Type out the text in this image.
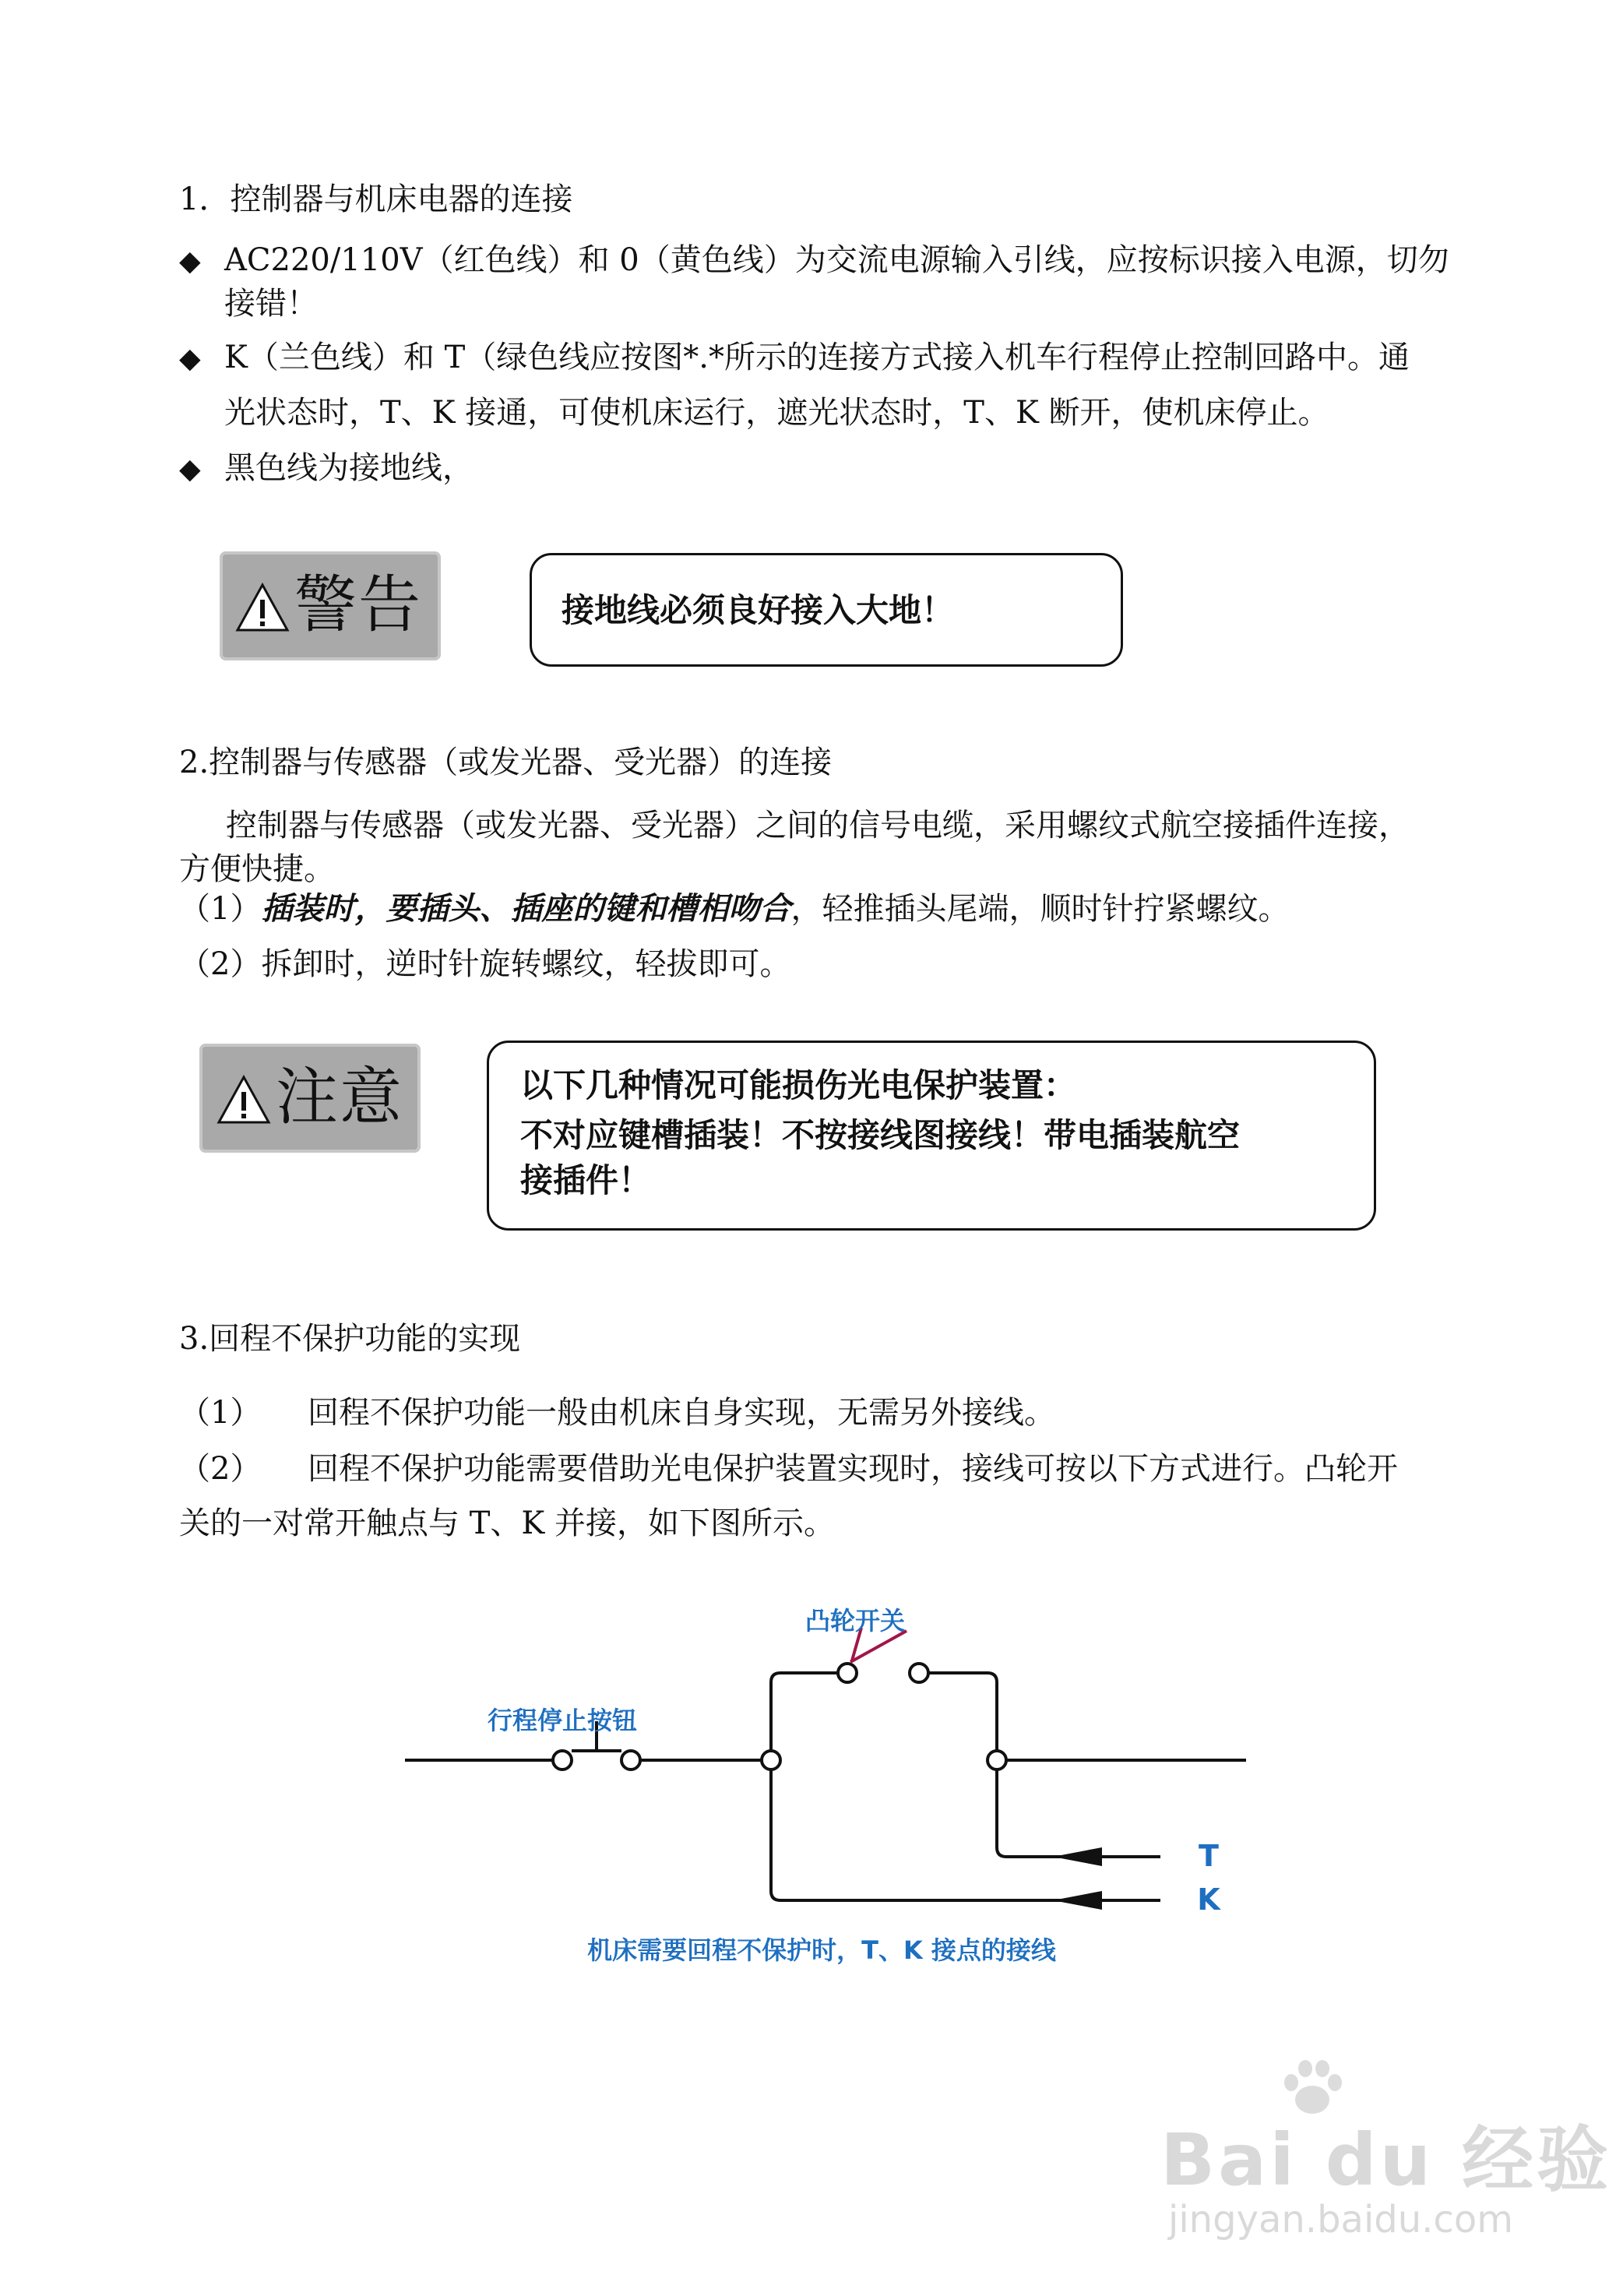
1．控制器与机床电器的连接
◆ AC220/110V（红色线）和 0（黄色线）为交流电源输入引线，应按标识接入电源，切勿
接错！
◆ K（兰色线）和 T（绿色线应按图*.*所示的连接方式接入机车行程停止控制回路中。通
光状态时，T、K 接通，可使机床运行，遮光状态时，T、K 断开，使机床停止。
◆ 黑色线为接地线，
警告	接地线必须良好接入大地！
2.控制器与传感器（或发光器、受光器）的连接
控制器与传感器（或发光器、受光器）之间的信号电缆，采用螺纹式航空接插件连接，
方便快捷。
（1）插装时，要插头、插座的键和槽相吻合，轻推插头尾端，顺时针拧紧螺纹。
（2）拆卸时，逆时针旋转螺纹，轻拔即可。
注意	以下几种情况可能损伤光电保护装置：
不对应键槽插装！不按接线图接线！带电插装航空
接插件！
3.回程不保护功能的实现
（1） 回程不保护功能一般由机床自身实现，无需另外接线。
（2） 回程不保护功能需要借助光电保护装置实现时，接线可按以下方式进行。凸轮开
关的一对常开触点与 T、K 并接，如下图所示。
凸轮开关
行程停止按钮
T
K
机床需要回程不保护时，T、K 接点的接线
Bai du 经验
jingyan.baidu.com
